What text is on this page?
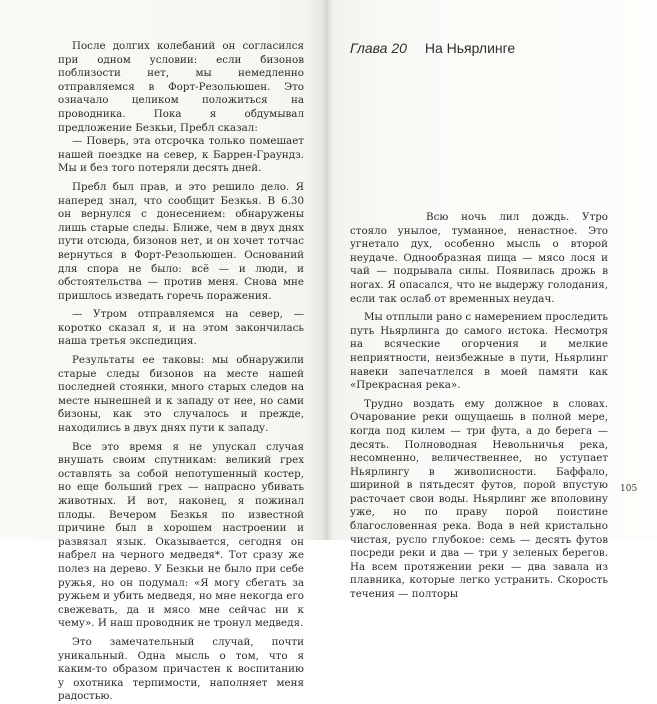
После долгих колебаний он согласился при одном условии: если бизонов поблизости нет, мы немедленно отправляемся в Форт-Резольюшен. Это означало целиком положиться на проводника. Пока я обдумывал предложение Безкьи, Пребл сказал:

— Поверь, эта отсрочка только помешает нашей поездке на север, к Баррен-Граундз. Мы и без того потеряли десять дней.

Пребл был прав, и это решило дело. Я наперед знал, что сообщит Безкья. В 6.30 он вернулся с донесением: обнаружены лишь старые следы. Ближе, чем в двух днях пути отсюда, бизонов нет, и он хочет тотчас вернуться в Форт-Резольюшен. Оснований для спора не было: всё — и люди, и обстоятельства — против меня. Снова мне пришлось изведать горечь поражения.

— Утром отправляемся на север, — коротко сказал я, и на этом закончилась наша третья экспедиция.

Результаты ее таковы: мы обнаружили старые следы бизонов на месте нашей последней стоянки, много старых следов на месте нынешней и к западу от нее, но сами бизоны, как это случалось и прежде, находились в двух днях пути к западу.

Все это время я не упускал случая внушать своим спутникам: великий грех оставлять за собой непотушенный костер, но еще больший грех — напрасно убивать животных. И вот, наконец, я пожинал плоды. Вечером Безкья по известной причине был в хорошем настроении и развязал язык. Оказывается, сегодня он набрел на черного медведя*. Тот сразу же полез на дерево. У Безкьи не было при себе ружья, но он подумал: «Я могу сбегать за ружьем и убить медведя, но мне некогда его свежевать, да и мясо мне сейчас ни к чему». И наш проводник не тронул медведя.

Это замечательный случай, почти уникальный. Одна мысль о том, что я каким-то образом причастен к воспитанию у охотника терпимости, наполняет меня радостью.

Глава 20 На Ньярлинге

Всю ночь лил дождь. Утро стояло унылое, туманное, ненастное. Это угнетало дух, особенно мысль о второй неудаче. Однообразная пища — мясо лося и чай — подрывала силы. Появилась дрожь в ногах. Я опасался, что не выдержу голодания, если так ослаб от временных неудач.

Мы отплыли рано с намерением проследить путь Ньярлинга до самого истока. Несмотря на всяческие огорчения и мелкие неприятности, неизбежные в пути, Ньярлинг навеки запечатлелся в моей памяти как «Прекрасная река».

Трудно воздать ему должное в словах. Очарование реки ощущаешь в полной мере, когда под килем — три фута, а до берега — десять. Полноводная Невольничья река, несомненно, величественнее, но уступает Ньярлингу в живописности. Баффало, шириной в пятьдесят футов, порой впустую расточает свои воды. Ньярлинг же вполовину уже, но по праву порой поистине благословенная река. Вода в ней кристально чистая, русло глубокое: семь — десять футов посреди реки и два — три у зеленых берегов. На всем протяжении реки — два завала из плавника, которые легко устранить. Скорость течения — полторы

105
